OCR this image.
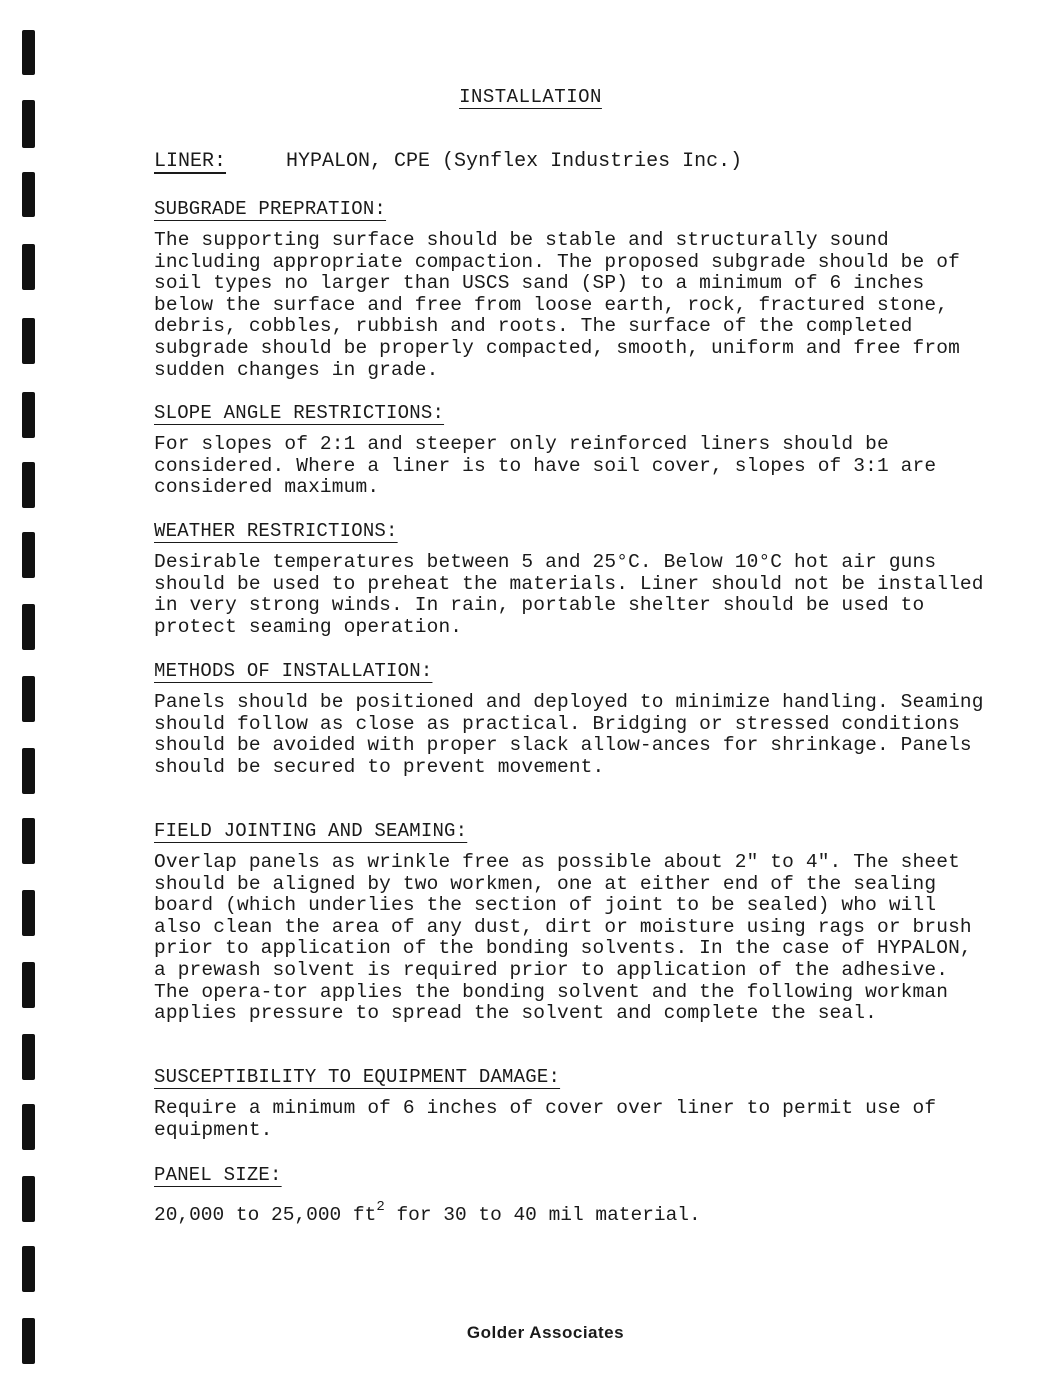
INSTALLATION
LINER:	HYPALON, CPE (Synflex Industries Inc.)
SUBGRADE PREPRATION:

The supporting surface should be stable and structurally sound including appropriate compaction. The proposed subgrade should be of soil types no larger than USCS sand (SP) to a minimum of 6 inches below the surface and free from loose earth, rock, fractured stone, debris, cobbles, rubbish and roots. The surface of the completed subgrade should be properly compacted, smooth, uniform and free from sudden changes in grade.

SLOPE ANGLE RESTRICTIONS:

For slopes of 2:1 and steeper only reinforced liners should be considered. Where a liner is to have soil cover, slopes of 3:1 are considered maximum.

WEATHER RESTRICTIONS:

Desirable temperatures between 5 and 25°C. Below 10°C hot air guns should be used to preheat the materials. Liner should not be installed in very strong winds. In rain, portable shelter should be used to protect seaming operation.

METHODS OF INSTALLATION:

Panels should be positioned and deployed to minimize handling. Seaming should follow as close as practical. Bridging or stressed conditions should be avoided with proper slack allow-ances for shrinkage. Panels should be secured to prevent movement.

FIELD JOINTING AND SEAMING:

Overlap panels as wrinkle free as possible about 2" to 4". The sheet should be aligned by two workmen, one at either end of the sealing board (which underlies the section of joint to be sealed) who will also clean the area of any dust, dirt or moisture using rags or brush prior to application of the bonding solvents. In the case of HYPALON, a prewash solvent is required prior to application of the adhesive. The opera-tor applies the bonding solvent and the following workman applies pressure to spread the solvent and complete the seal.

SUSCEPTIBILITY TO EQUIPMENT DAMAGE:

Require a minimum of 6 inches of cover over liner to permit use of equipment.

PANEL SIZE:

20,000 to 25,000 $ft^2$ for 30 to 40 mil material.

Golder Associates
